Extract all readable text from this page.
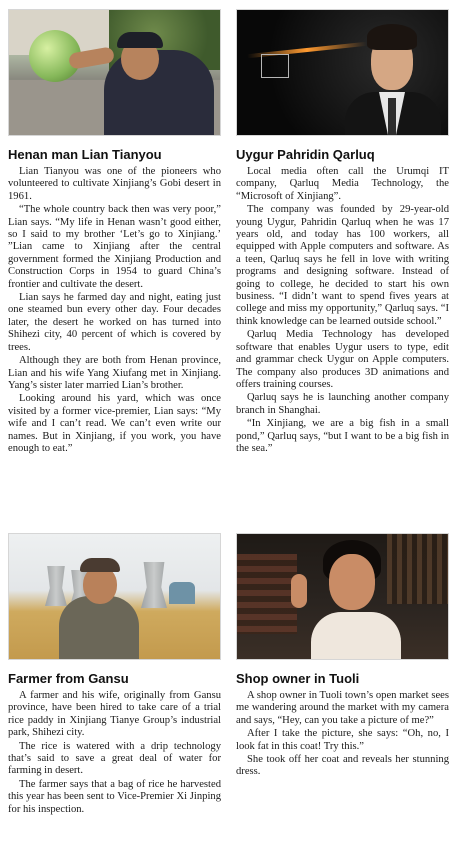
Henan man Lian Tianyou

Lian Tianyou was one of the pioneers who volunteered to cultivate Xinjiang’s Gobi desert in 1961.

“The whole country back then was very poor,” Lian says. “My life in Henan wasn’t good either, so I said to my brother ‘Let’s go to Xinjiang.’ ”Lian came to Xinjiang after the central government formed the Xinjiang Production and Construction Corps in 1954 to guard China’s frontier and cultivate the desert.

Lian says he farmed day and night, eating just one steamed bun every other day. Four decades later, the desert he worked on has turned into Shihezi city, 40 percent of which is covered by trees.

Although they are both from Henan province, Lian and his wife Yang Xiufang met in Xinjiang. Yang’s sister later married Lian’s brother.

Looking around his yard, which was once visited by a former vice-premier, Lian says: “My wife and I can’t read. We can’t even write our names. But in Xinjiang, if you work, you have enough to eat.”

Uygur Pahridin Qarluq

Local media often call the Urumqi IT company, Qarluq Media Technology, the “Microsoft of Xinjiang”.

The company was founded by 29-year-old young Uygur, Pahridin Qarluq when he was 17 years old, and today has 100 workers, all equipped with Apple computers and software. As a teen, Qarluq says he fell in love with writing programs and designing software. Instead of going to college, he decided to start his own business. “I didn’t want to spend fives years at college and miss my opportunity,” Qarluq says. “I think knowledge can be learned outside school.”

Qarluq Media Technology has developed software that enables Uygur users to type, edit and grammar check Uygur on Apple computers. The company also produces 3D animations and offers training courses.

Qarluq says he is launching another company branch in Shanghai.

“In Xinjiang, we are a big fish in a small pond,” Qarluq says, “but I want to be a big fish in the sea.”

Farmer from Gansu

A farmer and his wife, originally from Gansu province, have been hired to take care of a trial rice paddy in Xinjiang Tianye Group’s industrial park, Shihezi city.

The rice is watered with a drip technology that’s said to save a great deal of water for farming in desert.

The farmer says that a bag of rice he harvested this year has been sent to Vice-Premier Xi Jinping for his inspection.

Shop owner in Tuoli

A shop owner in Tuoli town’s open market sees me wandering around the market with my camera and says, “Hey, can you take a picture of me?”

After I take the picture, she says: “Oh, no, I look fat in this coat! Try this.”

She took off her coat and reveals her stunning dress.
